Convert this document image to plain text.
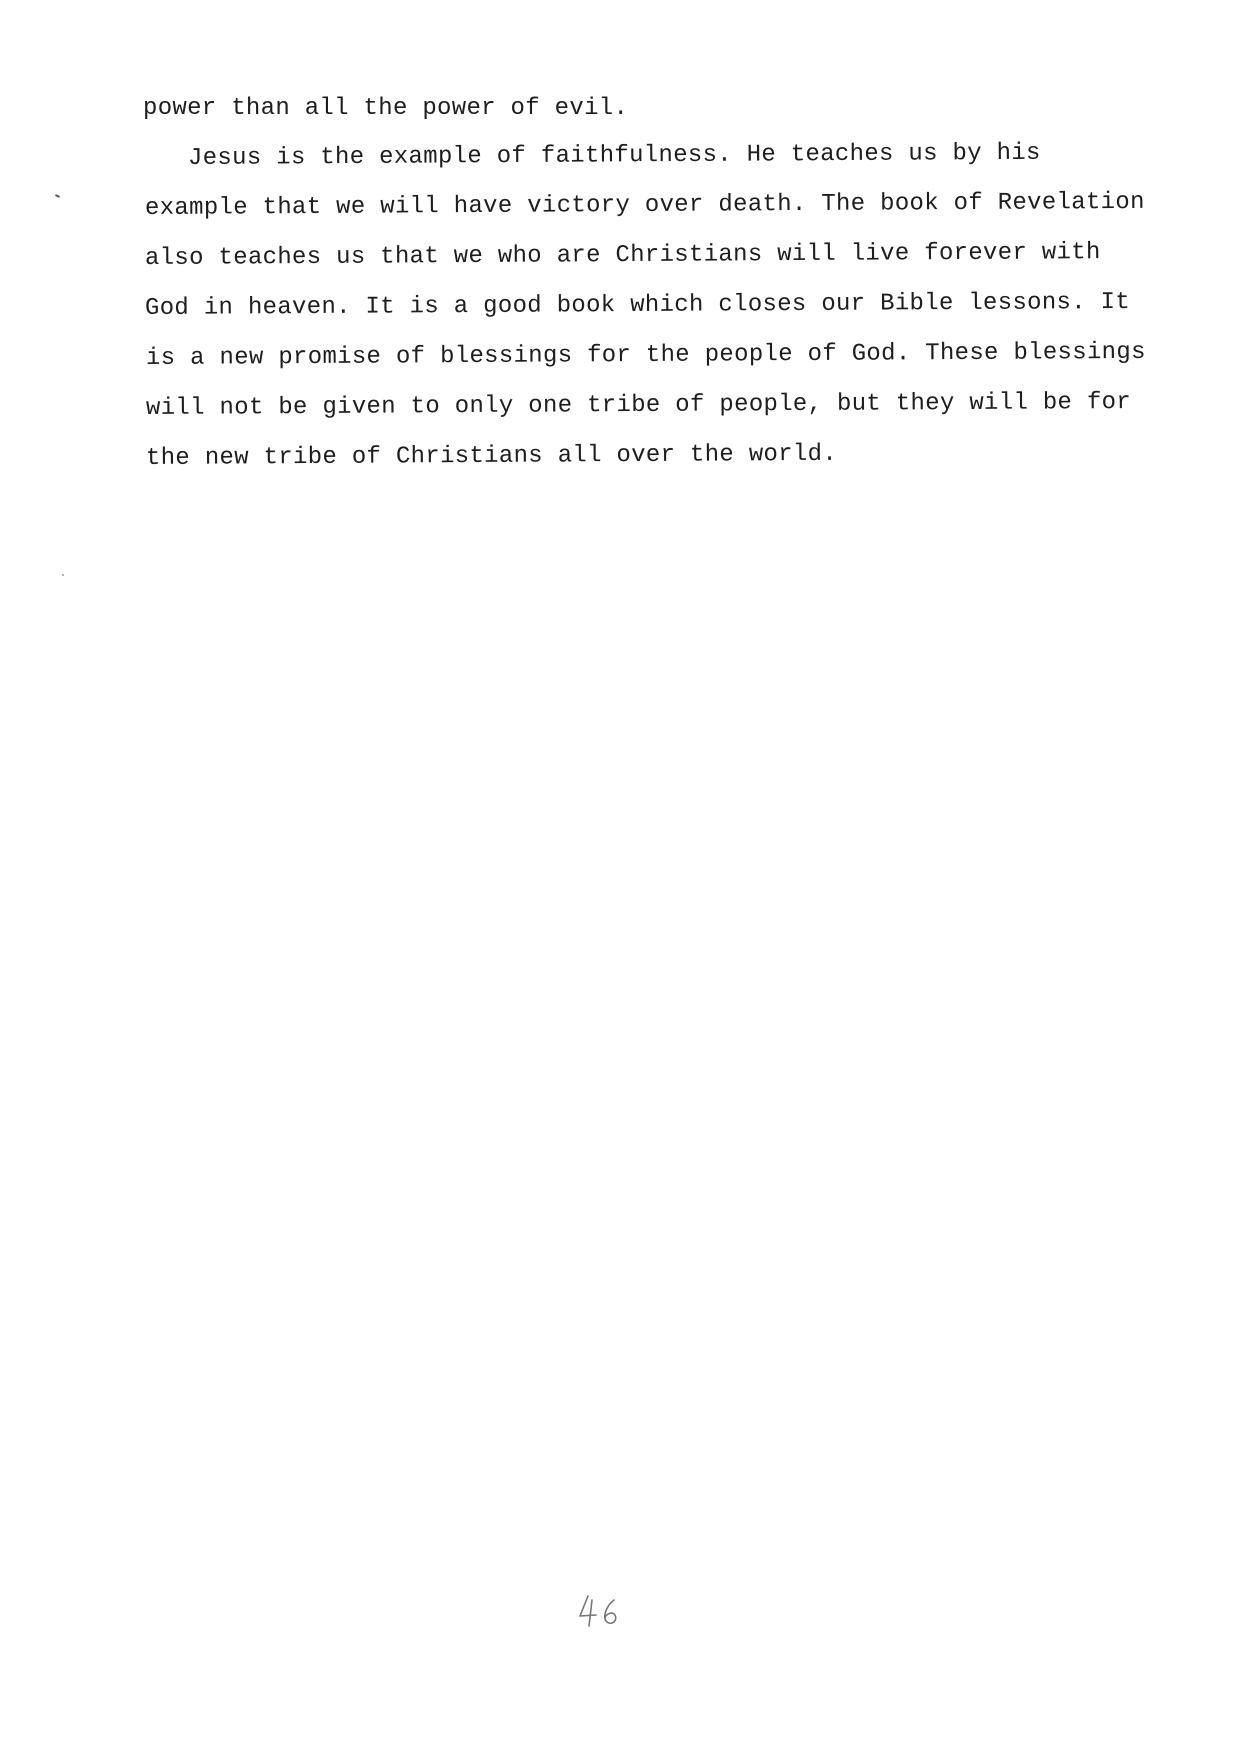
power than all the power of evil.
Jesus is the example of faithfulness. He teaches us by his
example that we will have victory over death. The book of Revelation
also teaches us that we who are Christians will live forever with
God in heaven. It is a good book which closes our Bible lessons. It
is a new promise of blessings for the people of God. These blessings
will not be given to only one tribe of people, but they will be for
the new tribe of Christians all over the world.
